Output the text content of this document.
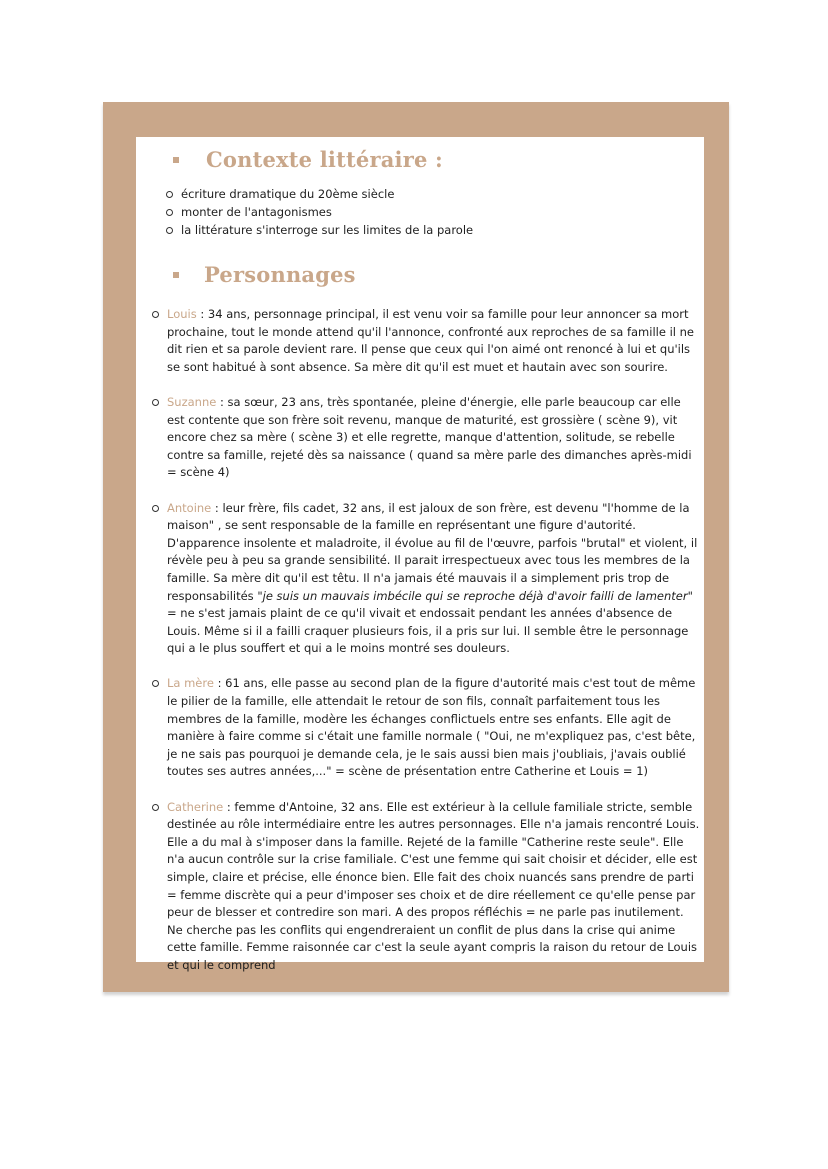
Contexte littéraire :
écriture dramatique du 20ème siècle
monter de l'antagonismes
la littérature s'interroge sur les limites de la parole
Personnages
Louis : 34 ans, personnage principal, il est venu voir sa famille pour leur annoncer sa mort prochaine, tout le monde attend qu'il l'annonce, confronté aux reproches de sa famille il ne dit rien et sa parole devient rare. Il pense que ceux qui l'on aimé ont renoncé à lui et qu'ils se sont habitué à sont absence. Sa mère dit qu'il est muet et hautain avec son sourire.
Suzanne : sa sœur, 23 ans, très spontanée, pleine d'énergie, elle parle beaucoup car elle est contente que son frère soit revenu, manque de maturité, est grossière ( scène 9), vit encore chez sa mère ( scène 3) et elle regrette, manque d'attention, solitude, se rebelle contre sa famille, rejeté dès sa naissance ( quand sa mère parle des dimanches après-midi = scène 4)
Antoine : leur frère, fils cadet, 32 ans, il est jaloux de son frère, est devenu "l'homme de la maison" , se sent responsable de la famille en représentant une figure d'autorité. D'apparence insolente et maladroite, il évolue au fil de l'œuvre, parfois "brutal" et violent, il révèle peu à peu sa grande sensibilité. Il parait irrespectueux avec tous les membres de la famille. Sa mère dit qu'il est têtu. Il n'a jamais été mauvais il a simplement pris trop de responsabilités "je suis un mauvais imbécile qui se reproche déjà d'avoir failli de lamenter" = ne s'est jamais plaint de ce qu'il vivait et endossait pendant les années d'absence de Louis. Même si il a failli craquer plusieurs fois, il a pris sur lui. Il semble être le personnage qui a le plus souffert et qui a le moins montré ses douleurs.
La mère : 61 ans, elle passe au second plan de la figure d'autorité mais c'est tout de même le pilier de la famille, elle attendait le retour de son fils, connaît parfaitement tous les membres de la famille, modère les échanges conflictuels entre ses enfants. Elle agit de manière à faire comme si c'était une famille normale ( "Oui, ne m'expliquez pas, c'est bête, je ne sais pas pourquoi je demande cela, je le sais aussi bien mais j'oubliais, j'avais oublié toutes ses autres années,..." = scène de présentation entre Catherine et Louis = 1)
Catherine : femme d'Antoine, 32 ans. Elle est extérieur à la cellule familiale stricte, semble destinée au rôle intermédiaire entre les autres personnages. Elle n'a jamais rencontré Louis. Elle a du mal à s'imposer dans la famille. Rejeté de la famille "Catherine reste seule". Elle n'a aucun contrôle sur la crise familiale. C'est une femme qui sait choisir et décider, elle est simple, claire et précise, elle énonce bien. Elle fait des choix nuancés sans prendre de parti = femme discrète qui a peur d'imposer ses choix et de dire réellement ce qu'elle pense par peur de blesser et contredire son mari. A des propos réfléchis = ne parle pas inutilement. Ne cherche pas les conflits qui engendreraient un conflit de plus dans la crise qui anime cette famille. Femme raisonnée car c'est la seule ayant compris la raison du retour de Louis et qui le comprend
